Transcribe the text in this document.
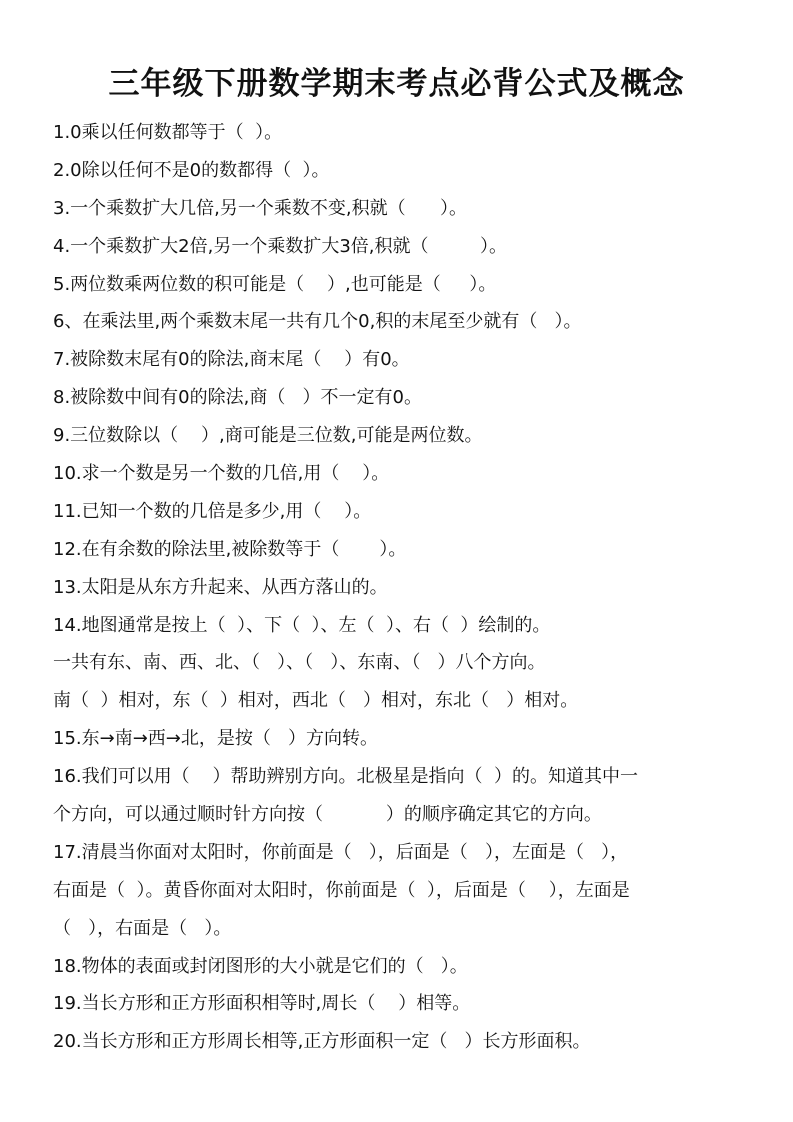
三年级下册数学期末考点必背公式及概念
1.0乘以任何数都等于（  ）。
2.0除以任何不是0的数都得（  ）。
3.一个乘数扩大几倍,另一个乘数不变,积就（      ）。
4.一个乘数扩大2倍,另一个乘数扩大3倍,积就（         ）。
5.两位数乘两位数的积可能是（    ）,也可能是（     ）。
6、在乘法里,两个乘数末尾一共有几个0,积的末尾至少就有（   ）。
7.被除数末尾有0的除法,商末尾（    ）有0。
8.被除数中间有0的除法,商（   ）不一定有0。
9.三位数除以（    ）,商可能是三位数,可能是两位数。
10.求一个数是另一个数的几倍,用（    ）。
11.已知一个数的几倍是多少,用（    ）。
12.在有余数的除法里,被除数等于（       ）。
13.太阳是从东方升起来、从西方落山的。
14.地图通常是按上（  ）、下（  ）、左（  ）、右（  ）绘制的。
一共有东、南、西、北、（   ）、（   ）、东南、（   ）八个方向。
南（  ）相对，东（  ）相对，西北（   ）相对，东北（   ）相对。
15.东→南→西→北，是按（   ）方向转。
16.我们可以用（    ）帮助辨别方向。北极星是指向（  ）的。知道其中一
个方向，可以通过顺时针方向按（           ）的顺序确定其它的方向。
17.清晨当你面对太阳时，你前面是（   ），后面是（   ），左面是（   ），
右面是（  ）。黄昏你面对太阳时，你前面是（  ），后面是（    ），左面是
（   ），右面是（   ）。
18.物体的表面或封闭图形的大小就是它们的（   ）。
19.当长方形和正方形面积相等时,周长（    ）相等。
20.当长方形和正方形周长相等,正方形面积一定（   ）长方形面积。
